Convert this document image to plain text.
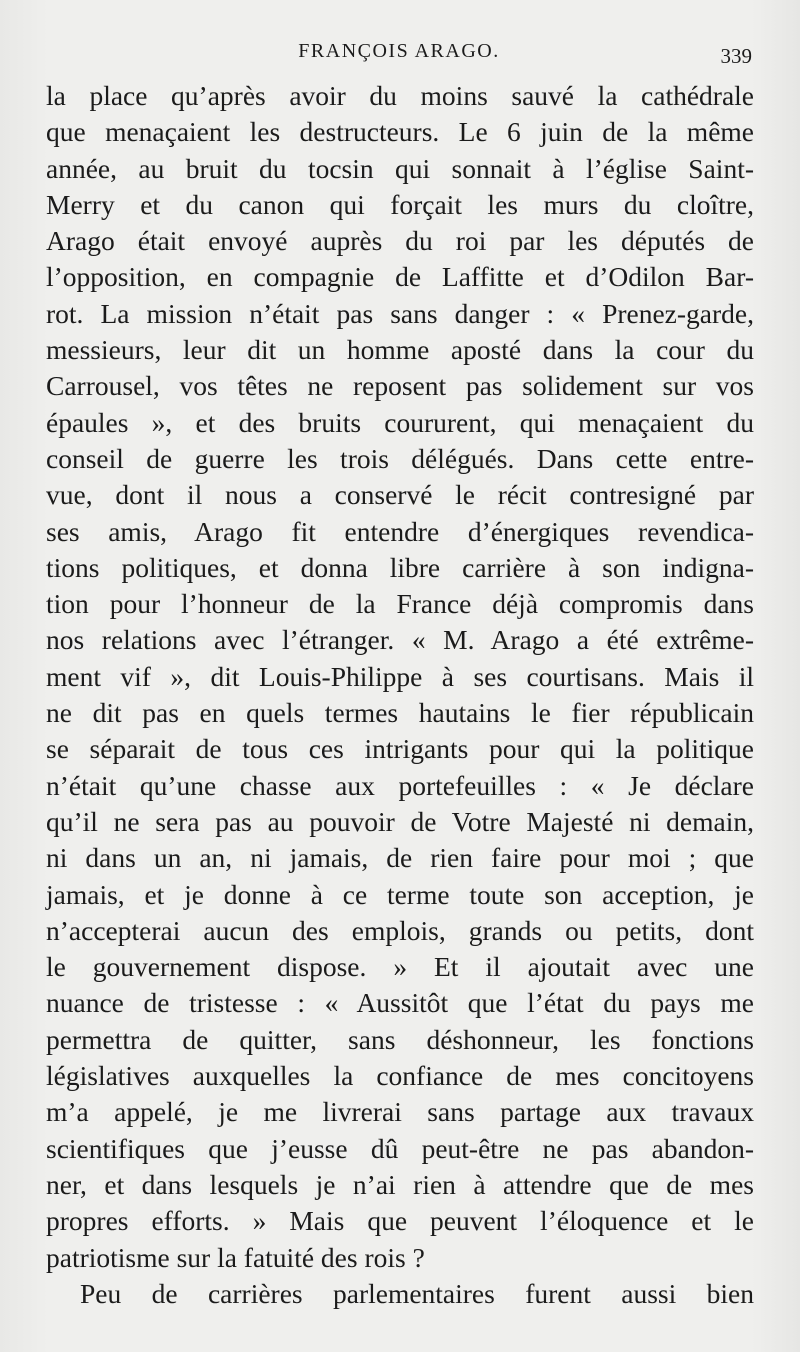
FRANÇOIS ARAGO.	339
la place qu’après avoir du moins sauvé la cathédrale
que menaçaient les destructeurs. Le 6 juin de la même
année, au bruit du tocsin qui sonnait à l’église Saint-
Merry et du canon qui forçait les murs du cloître,
Arago était envoyé auprès du roi par les députés de
l’opposition, en compagnie de Laffitte et d’Odilon Bar-
rot. La mission n’était pas sans danger : « Prenez-garde,
messieurs, leur dit un homme aposté dans la cour du
Carrousel, vos têtes ne reposent pas solidement sur vos
épaules », et des bruits coururent, qui menaçaient du
conseil de guerre les trois délégués. Dans cette entre-
vue, dont il nous a conservé le récit contresigné par
ses amis, Arago fit entendre d’énergiques revendica-
tions politiques, et donna libre carrière à son indigna-
tion pour l’honneur de la France déjà compromis dans
nos relations avec l’étranger. « M. Arago a été extrême-
ment vif », dit Louis-Philippe à ses courtisans. Mais il
ne dit pas en quels termes hautains le fier républicain
se séparait de tous ces intrigants pour qui la politique
n’était qu’une chasse aux portefeuilles : « Je déclare
qu’il ne sera pas au pouvoir de Votre Majesté ni demain,
ni dans un an, ni jamais, de rien faire pour moi ; que
jamais, et je donne à ce terme toute son acception, je
n’accepterai aucun des emplois, grands ou petits, dont
le gouvernement dispose. » Et il ajoutait avec une
nuance de tristesse : « Aussitôt que l’état du pays me
permettra de quitter, sans déshonneur, les fonctions
législatives auxquelles la confiance de mes concitoyens
m’a appelé, je me livrerai sans partage aux travaux
scientifiques que j’eusse dû peut-être ne pas abandon-
ner, et dans lesquels je n’ai rien à attendre que de mes
propres efforts. » Mais que peuvent l’éloquence et le
patriotisme sur la fatuité des rois ?
Peu de carrières parlementaires furent aussi bien
